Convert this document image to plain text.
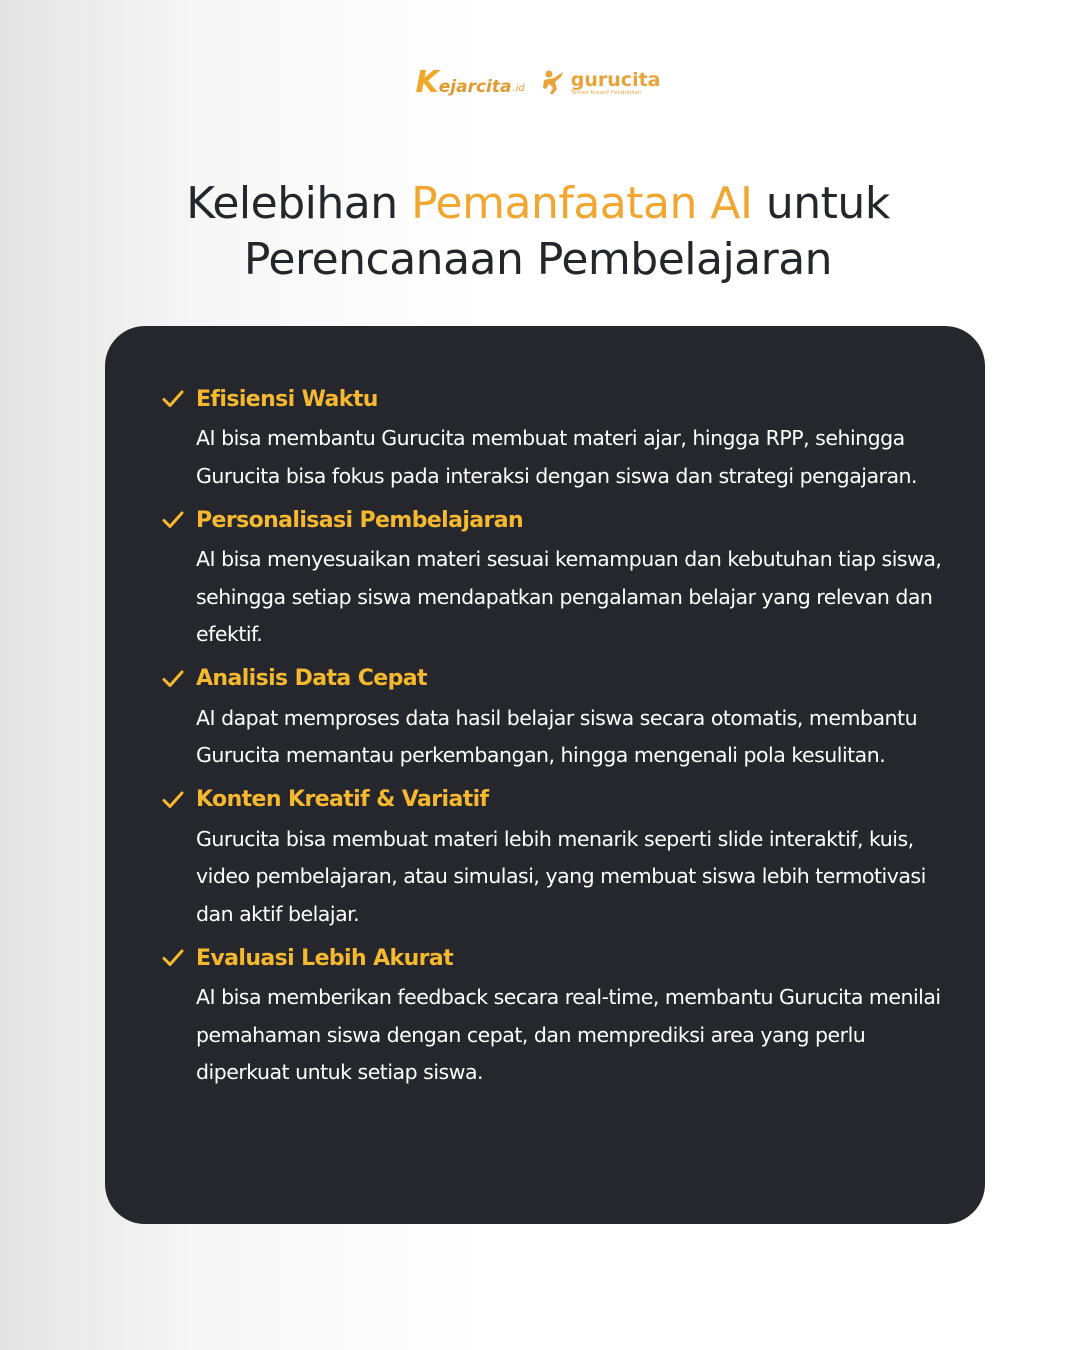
K ejarcita .id gurucita
Teman Kreatif Pendidikan
Kelebihan Pemanfaatan AI untuk
Perencanaan Pembelajaran
Efisiensi Waktu
AI bisa membantu Gurucita membuat materi ajar, hingga RPP, sehingga Gurucita bisa fokus pada interaksi dengan siswa dan strategi pengajaran.
Personalisasi Pembelajaran
AI bisa menyesuaikan materi sesuai kemampuan dan kebutuhan tiap siswa, sehingga setiap siswa mendapatkan pengalaman belajar yang relevan dan efektif.
Analisis Data Cepat
AI dapat memproses data hasil belajar siswa secara otomatis, membantu Gurucita memantau perkembangan, hingga mengenali pola kesulitan.
Konten Kreatif & Variatif
Gurucita bisa membuat materi lebih menarik seperti slide interaktif, kuis, video pembelajaran, atau simulasi, yang membuat siswa lebih termotivasi dan aktif belajar.
Evaluasi Lebih Akurat
AI bisa memberikan feedback secara real-time, membantu Gurucita menilai pemahaman siswa dengan cepat, dan memprediksi area yang perlu diperkuat untuk setiap siswa.
